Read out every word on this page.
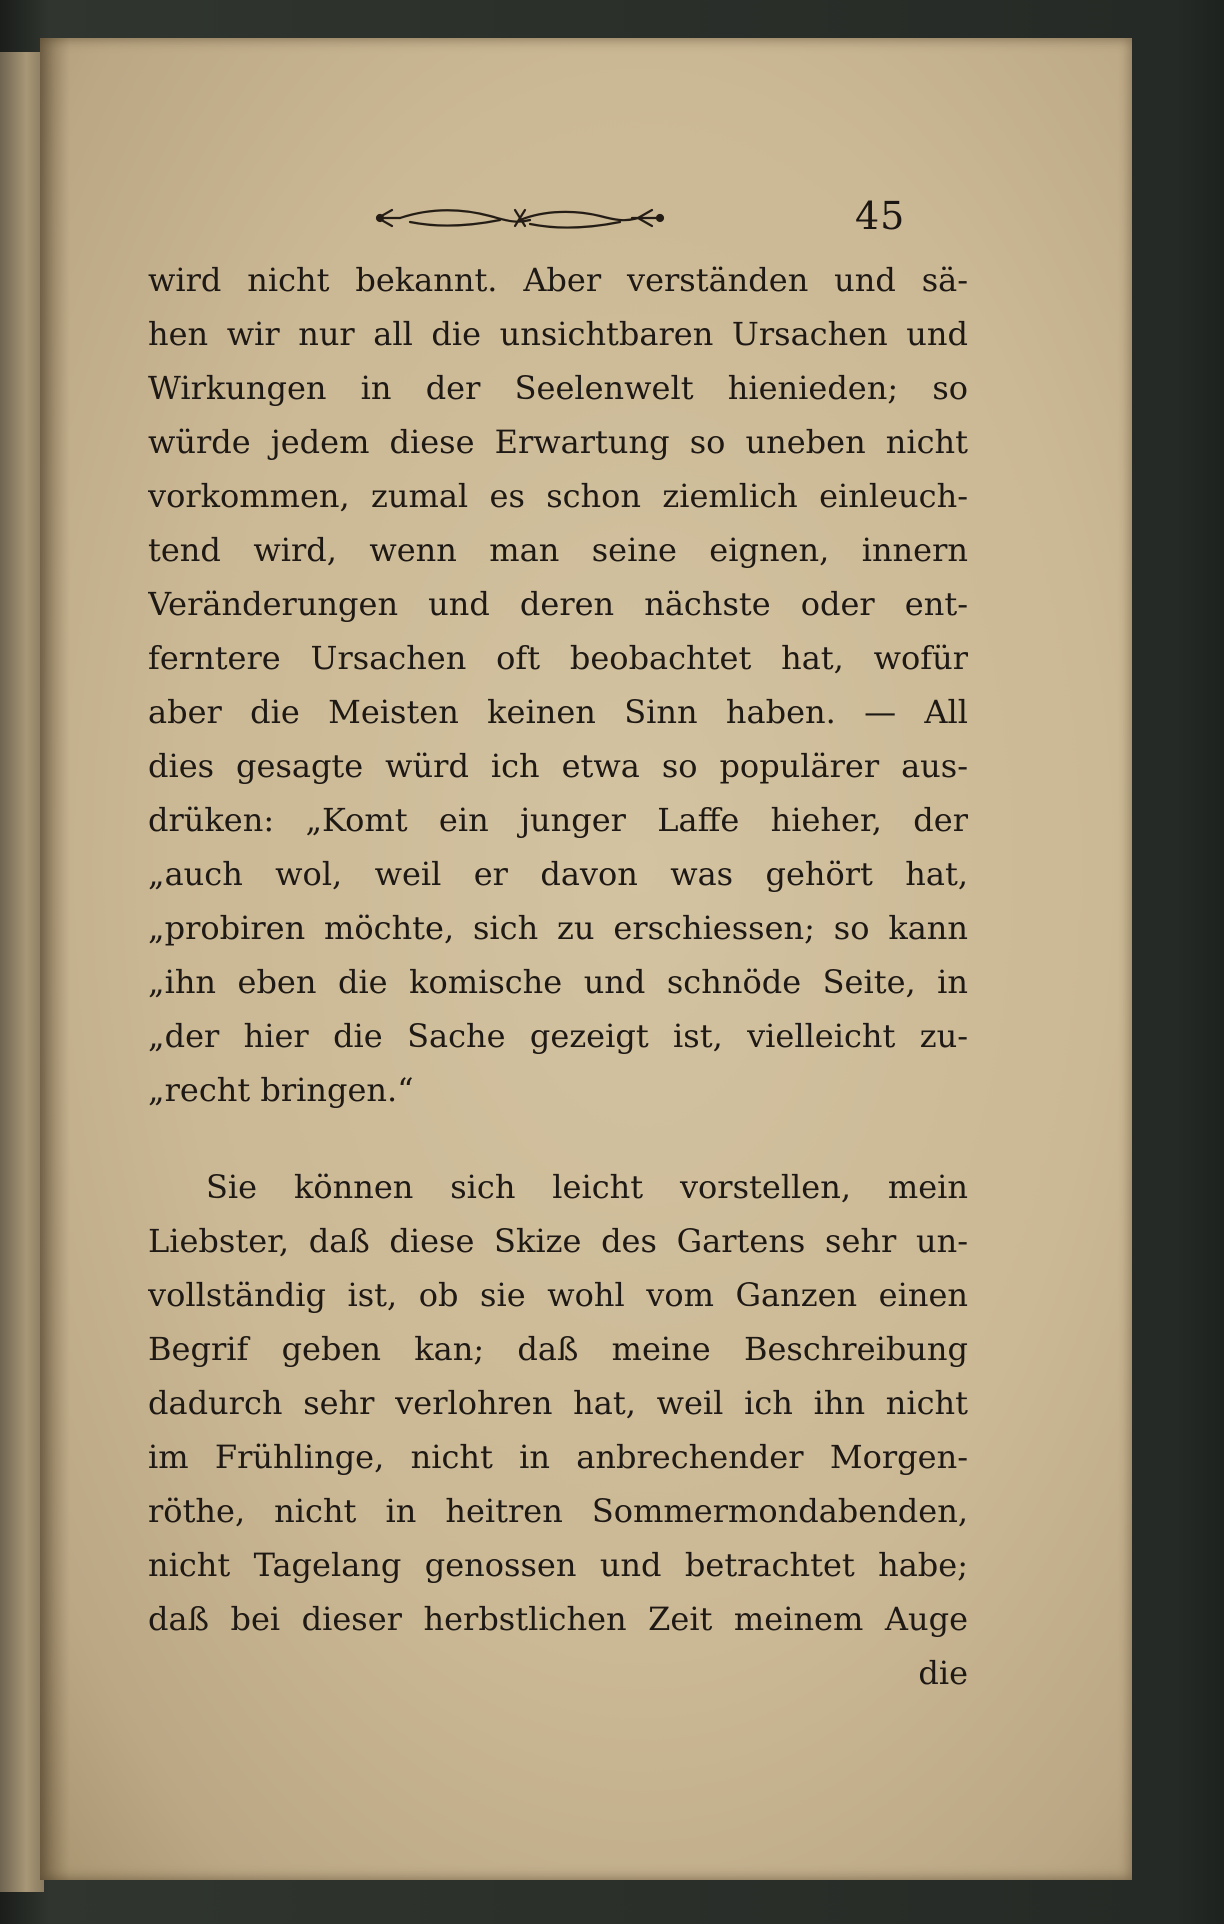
45
wird nicht bekannt. Aber verständen und sä-
hen wir nur all die unsichtbaren Ursachen und
Wirkungen in der Seelenwelt hienieden; so
würde jedem diese Erwartung so uneben nicht
vorkommen, zumal es schon ziemlich einleuch-
tend wird, wenn man seine eignen, innern
Veränderungen und deren nächste oder ent-
ferntere Ursachen oft beobachtet hat, wofür
aber die Meisten keinen Sinn haben. — All
dies gesagte würd ich etwa so populärer aus-
drüken: „Komt ein junger Laffe hieher, der
„auch wol, weil er davon was gehört hat,
„probiren möchte, sich zu erschiessen; so kann
„ihn eben die komische und schnöde Seite, in
„der hier die Sache gezeigt ist, vielleicht zu-
„recht bringen.“
Sie können sich leicht vorstellen, mein
Liebster, daß diese Skize des Gartens sehr un-
vollständig ist, ob sie wohl vom Ganzen einen
Begrif geben kan; daß meine Beschreibung
dadurch sehr verlohren hat, weil ich ihn nicht
im Frühlinge, nicht in anbrechender Morgen-
röthe, nicht in heitren Sommermondabenden,
nicht Tagelang genossen und betrachtet habe;
daß bei dieser herbstlichen Zeit meinem Auge
die
